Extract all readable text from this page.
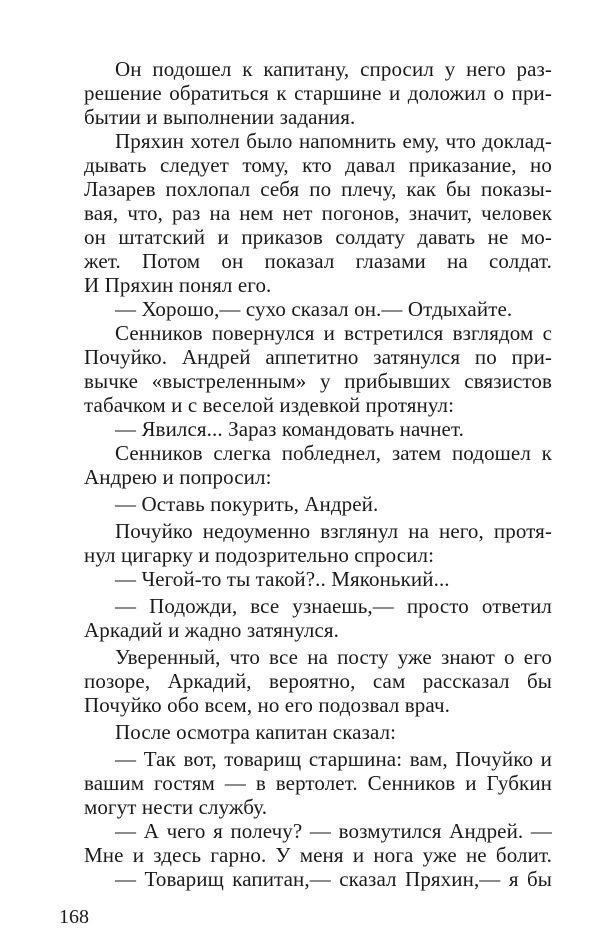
Он подошел к капитану, спросил у него раз-
решение обратиться к старшине и доложил о при-
бытии и выполнении задания.
Пряхин хотел было напомнить ему, что доклад-
дывать следует тому, кто давал приказание, но
Лазарев похлопал себя по плечу, как бы показы-
вая, что, раз на нем нет погонов, значит, человек
он штатский и приказов солдату давать не мо-
жет. Потом он показал глазами на солдат.
И Пряхин понял его.
— Хорошо,— сухо сказал он.— Отдыхайте.
Сенников повернулся и встретился взглядом с
Почуйко. Андрей аппетитно затянулся по при-
вычке «выстреленным» у прибывших связистов
табачком и с веселой издевкой протянул:
— Явился... Зараз командовать начнет.
Сенников слегка побледнел, затем подошел к
Андрею и попросил:
— Оставь покурить, Андрей.
Почуйко недоуменно взглянул на него, протя-
нул цигарку и подозрительно спросил:
— Чегой-то ты такой?.. Мяконький...
— Подожди, все узнаешь,— просто ответил
Аркадий и жадно затянулся.
Уверенный, что все на посту уже знают о его
позоре, Аркадий, вероятно, сам рассказал бы
Почуйко обо всем, но его подозвал врач.
После осмотра капитан сказал:
— Так вот, товарищ старшина: вам, Почуйко и
вашим гостям — в вертолет. Сенников и Губкин
могут нести службу.
— А чего я полечу? — возмутился Андрей. —
Мне и здесь гарно. У меня и нога уже не болит.
— Товарищ капитан,— сказал Пряхин,— я бы
168
